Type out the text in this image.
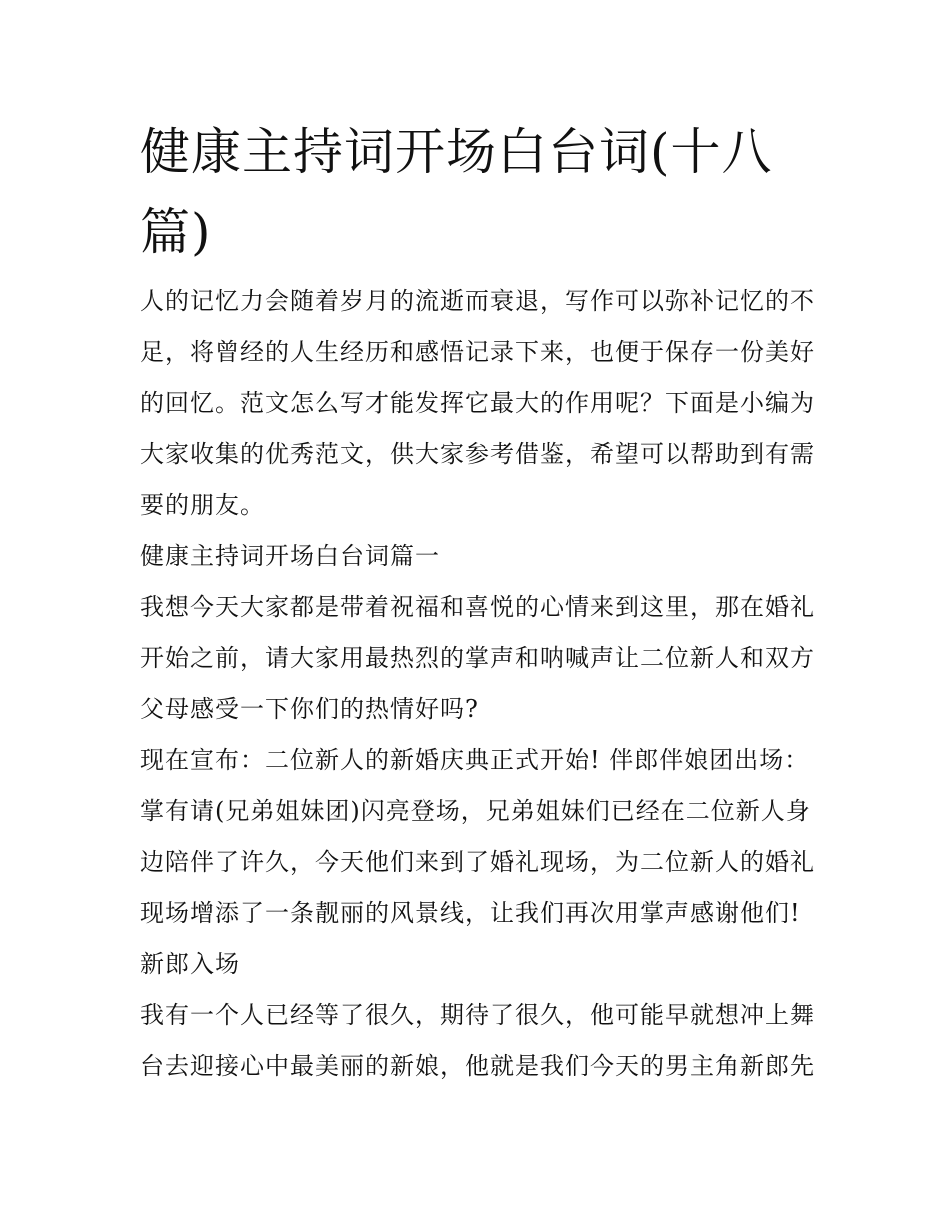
健康主持词开场白台词(十八篇)

人的记忆力会随着岁月的流逝而衰退，写作可以弥补记忆的不足，将曾经的人生经历和感悟记录下来，也便于保存一份美好的回忆。范文怎么写才能发挥它最大的作用呢？下面是小编为大家收集的优秀范文，供大家参考借鉴，希望可以帮助到有需要的朋友。

健康主持词开场白台词篇一

我想今天大家都是带着祝福和喜悦的心情来到这里，那在婚礼开始之前，请大家用最热烈的掌声和呐喊声让二位新人和双方父母感受一下你们的热情好吗?

现在宣布：二位新人的新婚庆典正式开始! 伴郎伴娘团出场：

掌有请(兄弟姐妹团)闪亮登场，兄弟姐妹们已经在二位新人身边陪伴了许久，今天他们来到了婚礼现场，为二位新人的婚礼现场增添了一条靓丽的风景线，让我们再次用掌声感谢他们!

新郎入场

我有一个人已经等了很久，期待了很久，他可能早就想冲上舞台去迎接心中最美丽的新娘，他就是我们今天的男主角新郎先
